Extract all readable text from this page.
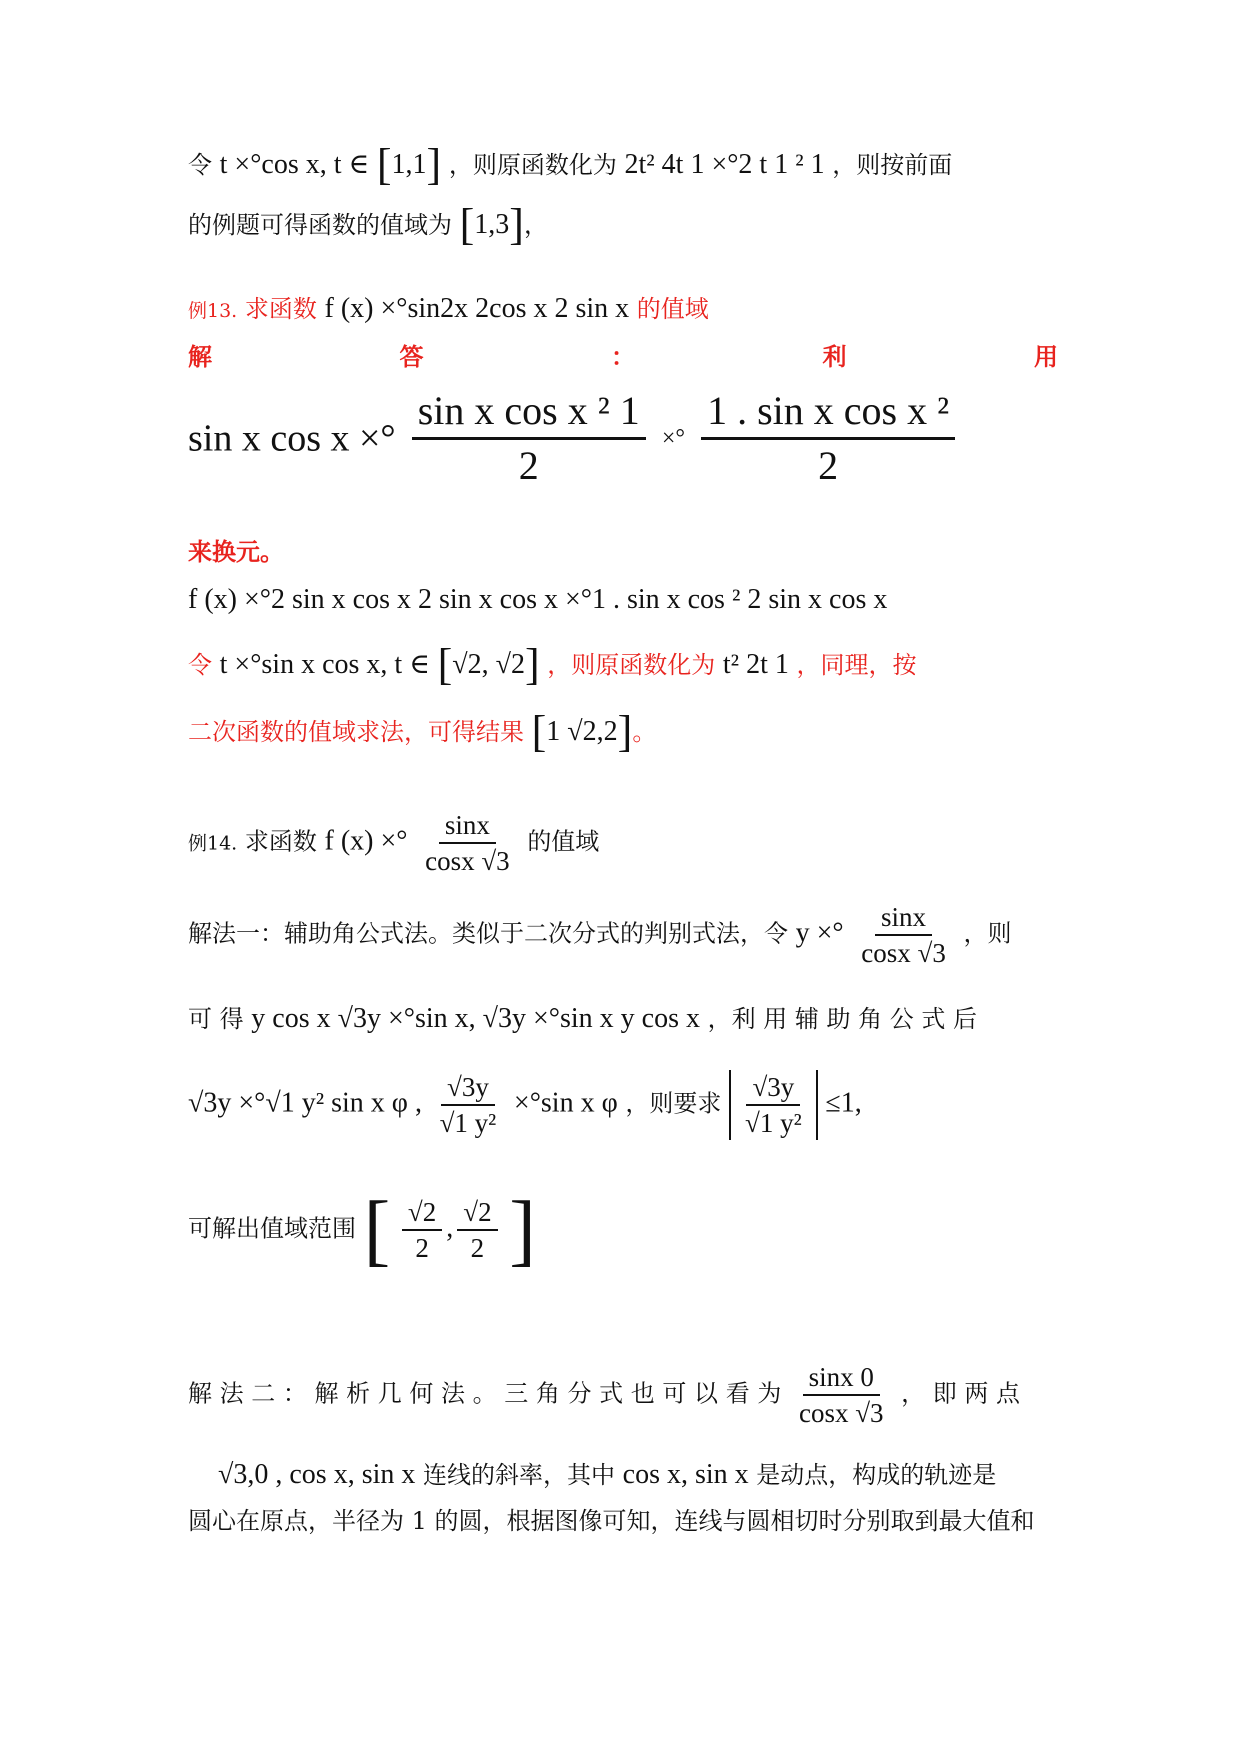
令 t ×°cos x, t ∈ [1,1] ，则原函数化为 2t² 4t 1 ×°2 t 1 ² 1 ，则按前面
的例题可得函数的值域为 [1,3]，
例13. 求函数 f (x) ×°sin2x 2cos x 2 sin x 的值域
解	答	：	利	用
sin x cos x ×° $\frac{\text{sin x cos x ² 1}}{2}$ ×° $\frac{\text{1 . sin x cos x ²}}{2}$
来换元。
f (x) ×°2 sin x cos x 2 sin x cos x ×°1 . sin x cos ² 2 sin x cos x
令 t ×°sin x cos x, t ∈ [√2, √2] ，则原函数化为 t² 2t 1 ，同理，按
二次函数的值域求法，可得结果 [1 √2,2]。
例14. 求函数 f (x) ×° $\frac{\sin x}{\cos x √3}$ 的值域
解法一：辅助角公式法。类似于二次分式的判别式法，令 y ×° $\frac{\sin x}{\cos x √3}$ ，则
可 得 y cos x √3y ×°sin x, √3y ×°sin x y cos x ，利 用 辅 助 角 公 式 后
√3y ×°√1 y² sin x φ , $\frac{√3y}{\text{√1 y²}} \times^\circ\sin$ x φ ，则要求 $\frac{√3y}{\text{√1 y²}} \le 1$,
可解出值域范围 [ $\frac{√2}{2}$ , $\frac{√2}{2}$ ]
解 法 二 ： 解 析 几 何 法 。 三 角 分 式 也 可 以 看 为 $\frac{\sin x 0}{\cos x √3}$ ， 即 两 点
√3,0 , cos x, sin x 连线的斜率，其中 cos x, sin x 是动点，构成的轨迹是
圆心在原点，半径为 1 的圆，根据图像可知，连线与圆相切时分别取到最大值和
